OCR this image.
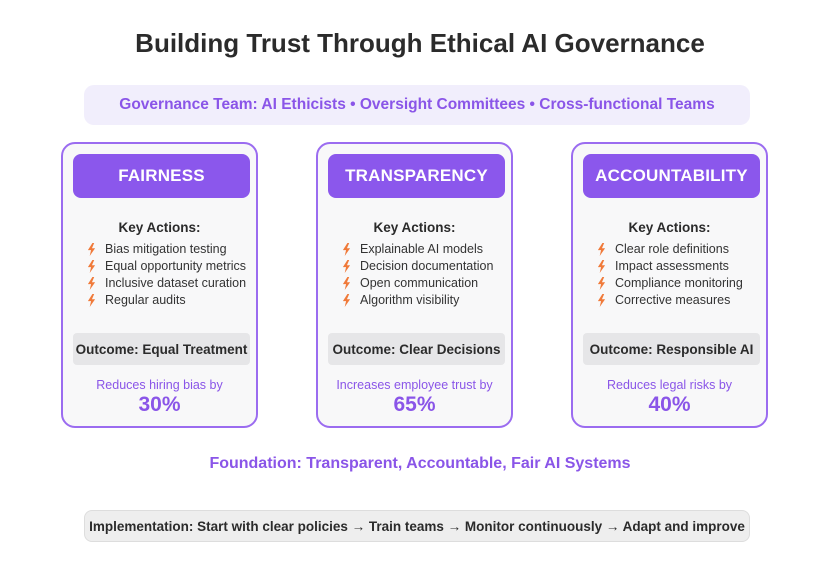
Building Trust Through Ethical AI Governance
Governance Team: AI Ethicists • Oversight Committees • Cross-functional Teams
FAIRNESS
Key Actions:
Bias mitigation testing
Equal opportunity metrics
Inclusive dataset curation
Regular audits
Outcome: Equal Treatment
Reduces hiring bias by
30%
TRANSPARENCY
Key Actions:
Explainable AI models
Decision documentation
Open communication
Algorithm visibility
Outcome: Clear Decisions
Increases employee trust by
65%
ACCOUNTABILITY
Key Actions:
Clear role definitions
Impact assessments
Compliance monitoring
Corrective measures
Outcome: Responsible AI
Reduces legal risks by
40%
Foundation: Transparent, Accountable, Fair AI Systems
Implementation: Start with clear policies → Train teams → Monitor continuously → Adapt and improve
